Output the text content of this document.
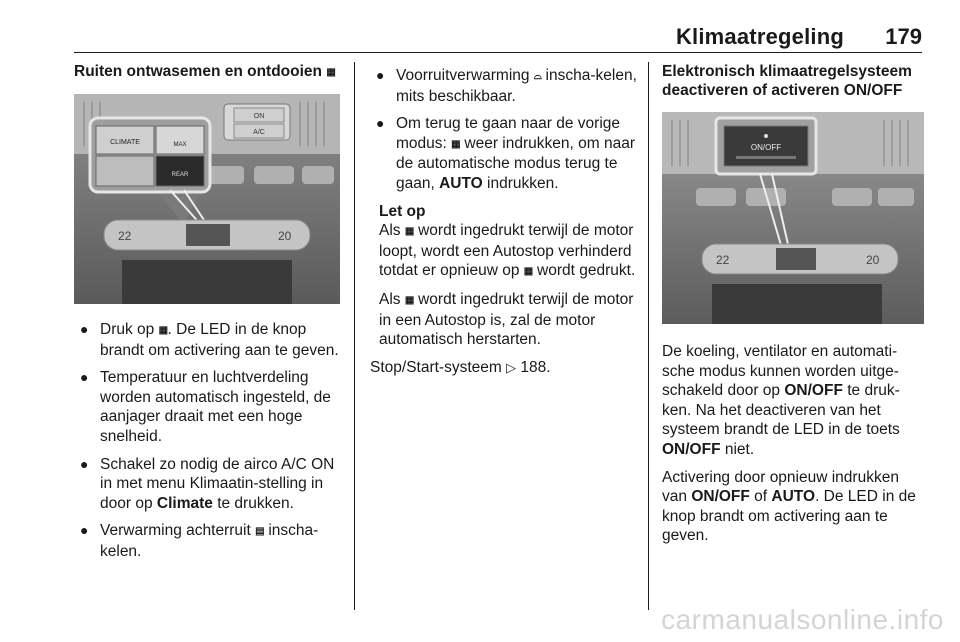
Klimaatregeling 179
Ruiten ontwasemen en ontdooien ▦
ON
A/C
CLIMATE	MAX
REAR
22	20
● Druk op ▦. De LED in de knop brandt om activering aan te geven.
● Temperatuur en luchtverdeling worden automatisch ingesteld, de aanjager draait met een hoge snelheid.
● Schakel zo nodig de airco A/C ON in met menu Klimaatin-stelling in door op Climate te drukken.
● Verwarming achterruit ▤ inscha-kelen.
● Voorruitverwarming ⌓ inscha-kelen, mits beschikbaar.
● Om terug te gaan naar de vorige modus: ▦ weer indrukken, om naar de automatische modus terug te gaan, AUTO indrukken.
Let op

Als ▦ wordt ingedrukt terwijl de motor loopt, wordt een Autostop verhinderd totdat er opnieuw op ▦ wordt gedrukt.

Als ▦ wordt ingedrukt terwijl de motor in een Autostop is, zal de motor automatisch herstarten.

Stop/Start-systeem ▷ 188.

Elektronisch klimaatregelsysteem
deactiveren of activeren ON/OFF
ON/OFF
22	20

De koeling, ventilator en automati-sche modus kunnen worden uitge-schakeld door op ON/OFF te druk-ken. Na het deactiveren van het systeem brandt de LED in de toets ON/OFF niet.

Activering door opnieuw indrukken van ON/OFF of AUTO. De LED in de knop brandt om activering aan te geven.

carmanualsonline.info
